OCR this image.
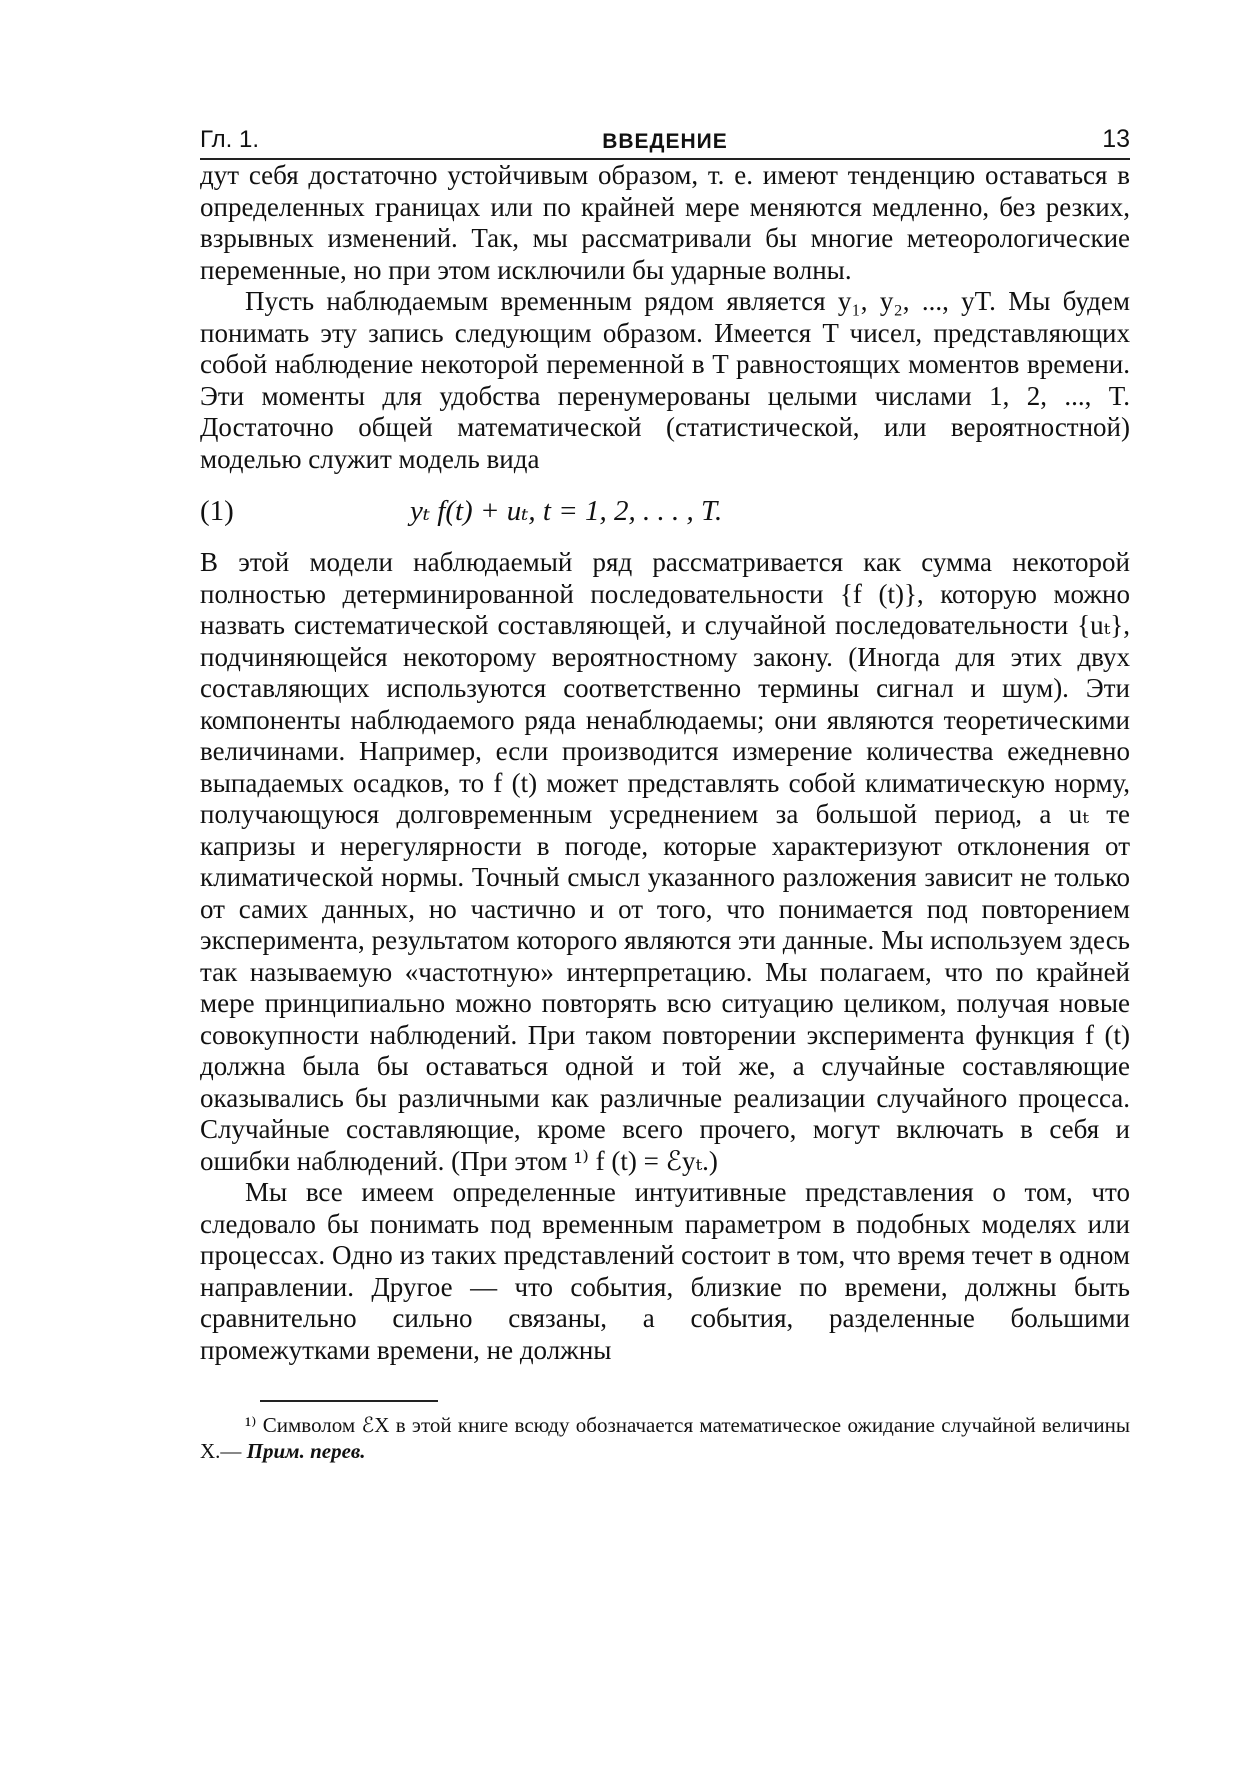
Гл. 1.	ВВЕДЕНИЕ	13

дут себя достаточно устойчивым образом, т. е. имеют тенденцию оставаться в определенных границах или по крайней мере меняются медленно, без резких, взрывных изменений. Так, мы рассматривали бы многие метеорологические переменные, но при этом исключили бы ударные волны.

Пусть наблюдаемым временным рядом является y₁, y₂, ..., yT. Мы будем понимать эту запись следующим образом. Имеется T чисел, представляющих собой наблюдение некоторой переменной в T равностоящих моментов времени. Эти моменты для удобства перенумерованы целыми числами 1, 2, ..., T. Достаточно общей математической (статистической, или вероятностной) моделью служит модель вида

(1)	yₜ f(t) + uₜ, t = 1, 2, . . . , T.

В этой модели наблюдаемый ряд рассматривается как сумма некоторой полностью детерминированной последовательности {f (t)}, которую можно назвать систематической составляющей, и случайной последовательности {uₜ}, подчиняющейся некоторому вероятностному закону. (Иногда для этих двух составляющих используются соответственно термины сигнал и шум). Эти компоненты наблюдаемого ряда ненаблюдаемы; они являются теоретическими величинами. Например, если производится измерение количества ежедневно выпадаемых осадков, то f (t) может представлять собой климатическую норму, получающуюся долговременным усреднением за большой период, а uₜ те капризы и нерегулярности в погоде, которые характеризуют отклонения от климатической нормы. Точный смысл указанного разложения зависит не только от самих данных, но частично и от того, что понимается под повторением эксперимента, результатом которого являются эти данные. Мы используем здесь так называемую «частотную» интерпретацию. Мы полагаем, что по крайней мере принципиально можно повторять всю ситуацию целиком, получая новые совокупности наблюдений. При таком повторении эксперимента функция f (t) должна была бы оставаться одной и той же, а случайные составляющие оказывались бы различными как различные реализации случайного процесса. Случайные составляющие, кроме всего прочего, могут включать в себя и ошибки наблюдений. (При этом ¹⁾ f (t) = ℰyₜ.)

Мы все имеем определенные интуитивные представления о том, что следовало бы понимать под временным параметром в подобных моделях или процессах. Одно из таких представлений состоит в том, что время течет в одном направлении. Другое — что события, близкие по времени, должны быть сравнительно сильно связаны, а события, разделенные большими промежутками времени, не должны

¹⁾ Символом ℰX в этой книге всюду обозначается математическое ожидание случайной величины X.— Прим. перев.
